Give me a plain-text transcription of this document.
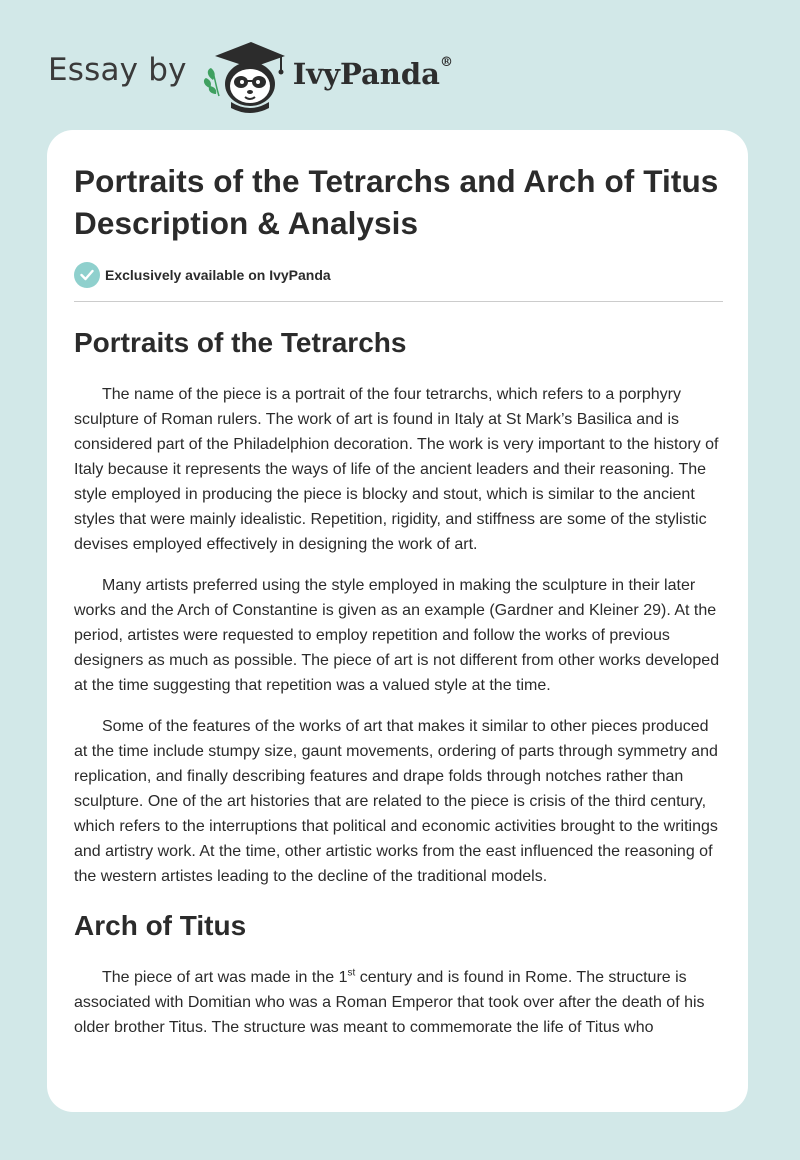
Essay by	IvyPanda®
Portraits of the Tetrarchs and Arch of Titus Description & Analysis
Exclusively available on IvyPanda
Portraits of the Tetrarchs

The name of the piece is a portrait of the four tetrarchs, which refers to a porphyry sculpture of Roman rulers. The work of art is found in Italy at St Mark’s Basilica and is considered part of the Philadelphion decoration. The work is very important to the history of Italy because it represents the ways of life of the ancient leaders and their reasoning. The style employed in producing the piece is blocky and stout, which is similar to the ancient styles that were mainly idealistic. Repetition, rigidity, and stiffness are some of the stylistic devises employed effectively in designing the work of art.

Many artists preferred using the style employed in making the sculpture in their later works and the Arch of Constantine is given as an example (Gardner and Kleiner 29). At the period, artistes were requested to employ repetition and follow the works of previous designers as much as possible. The piece of art is not different from other works developed at the time suggesting that repetition was a valued style at the time.

Some of the features of the works of art that makes it similar to other pieces produced at the time include stumpy size, gaunt movements, ordering of parts through symmetry and replication, and finally describing features and drape folds through notches rather than sculpture. One of the art histories that are related to the piece is crisis of the third century, which refers to the interruptions that political and economic activities brought to the writings and artistry work. At the time, other artistic works from the east influenced the reasoning of the western artistes leading to the decline of the traditional models.

Arch of Titus

The piece of art was made in the 1st century and is found in Rome. The structure is associated with Domitian who was a Roman Emperor that took over after the death of his older brother Titus. The structure was meant to commemorate the life of Titus who
